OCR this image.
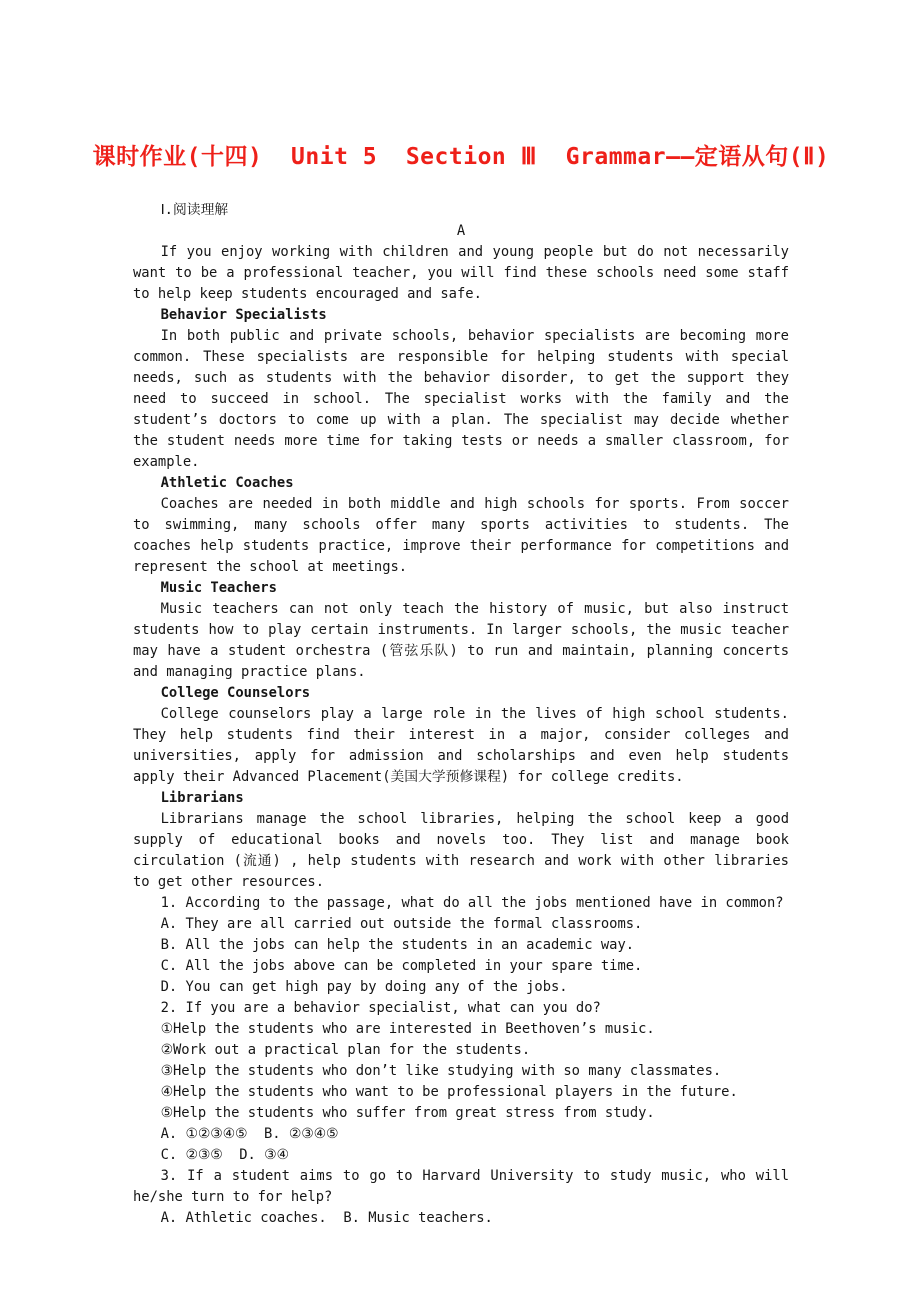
课时作业(十四)  Unit 5  Section Ⅲ  Grammar——定语从句(Ⅱ)

Ⅰ.阅读理解

A

If you enjoy working with children and young people but do not necessarily want to be a professional teacher, you will find these schools need some staff to help keep students encouraged and safe.

Behavior Specialists

In both public and private schools, behavior specialists are becoming more common. These specialists are responsible for helping students with special needs, such as students with the behavior disorder, to get the support they need to succeed in school. The specialist works with the family and the student’s doctors to come up with a plan. The specialist may decide whether the student needs more time for taking tests or needs a smaller classroom, for example.

Athletic Coaches

Coaches are needed in both middle and high schools for sports. From soccer to swimming, many schools offer many sports activities to students. The coaches help students practice, improve their performance for competitions and represent the school at meetings.

Music Teachers

Music teachers can not only teach the history of music, but also instruct students how to play certain instruments. In larger schools, the music teacher may have a student orchestra (管弦乐队) to run and maintain, planning concerts and managing practice plans.

College Counselors

College counselors play a large role in the lives of high school students. They help students find their interest in a major, consider colleges and universities, apply for admission and scholarships and even help students apply their Advanced Placement(美国大学预修课程) for college credits.

Librarians

Librarians manage the school libraries, helping the school keep a good supply of educational books and novels too. They list and manage book circulation (流通) , help students with research and work with other libraries to get other resources.

1. According to the passage, what do all the jobs mentioned have in common?

A. They are all carried out outside the formal classrooms.

B. All the jobs can help the students in an academic way.

C. All the jobs above can be completed in your spare time.

D. You can get high pay by doing any of the jobs.

2. If you are a behavior specialist, what can you do?

①Help the students who are interested in Beethoven’s music.

②Work out a practical plan for the students.

③Help the students who don’t like studying with so many classmates.

④Help the students who want to be professional players in the future.

⑤Help the students who suffer from great stress from study.

A. ①②③④⑤  B. ②③④⑤

C. ②③⑤  D. ③④

3. If a student aims to go to Harvard University to study music, who will he/she turn to for help?

A. Athletic coaches.  B. Music teachers.
